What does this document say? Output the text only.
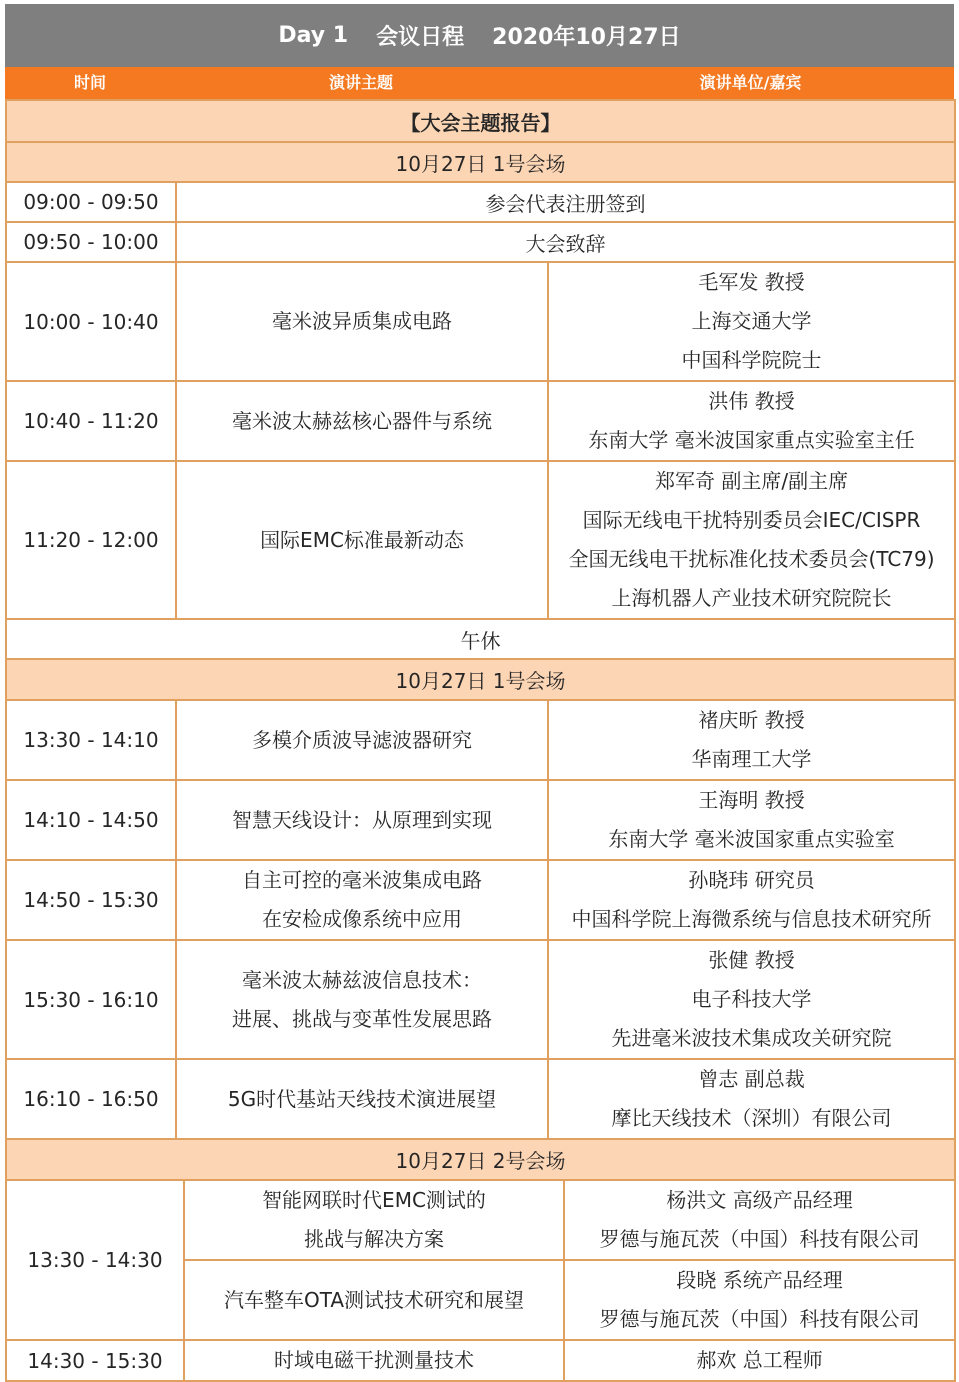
Day 1 会议日程 2020年10月27日
时间	演讲主题	演讲单位/嘉宾
【大会主题报告】				
10月27日 1号会场				
09:00 - 09:50	参会代表注册签到			
09:50 - 10:00	大会致辞			
10:00 - 10:40	毫米波异质集成电路		毛军发 教授
上海交通大学
中国科学院院士	

10:40 - 11:20	毫米波太赫兹核心器件与系统		洪伟 教授
东南大学 毫米波国家重点实验室主任	

11:20 - 12:00	国际EMC标准最新动态		郑军奇 副主席/副主席
国际无线电干扰特别委员会IEC/CISPR
全国无线电干扰标准化技术委员会(TC79)
上海机器人产业技术研究院院长	

午休				
10月27日 1号会场				
13:30 - 14:10	多模介质波导滤波器研究		褚庆昕 教授
华南理工大学	

14:10 - 14:50	智慧天线设计：从原理到实现		王海明 教授
东南大学 毫米波国家重点实验室	

14:50 - 15:30	自主可控的毫米波集成电路
在安检成像系统中应用		孙晓玮 研究员
中国科学院上海微系统与信息技术研究所	

15:30 - 16:10	毫米波太赫兹波信息技术：
进展、挑战与变革性发展思路		张健 教授
电子科技大学
先进毫米波技术集成攻关研究院	

16:10 - 16:50	5G时代基站天线技术演进展望		曾志 副总裁
摩比天线技术（深圳）有限公司	

10月27日 2号会场				
13:30 - 14:30		智能网联时代EMC测试的
挑战与解决方案		杨洪文 高级产品经理
罗德与施瓦茨（中国）科技有限公司

		汽车整车OTA测试技术研究和展望		段晓 系统产品经理
罗德与施瓦茨（中国）科技有限公司

14:30 - 15:30		时域电磁干扰测量技术		郝欢 总工程师
